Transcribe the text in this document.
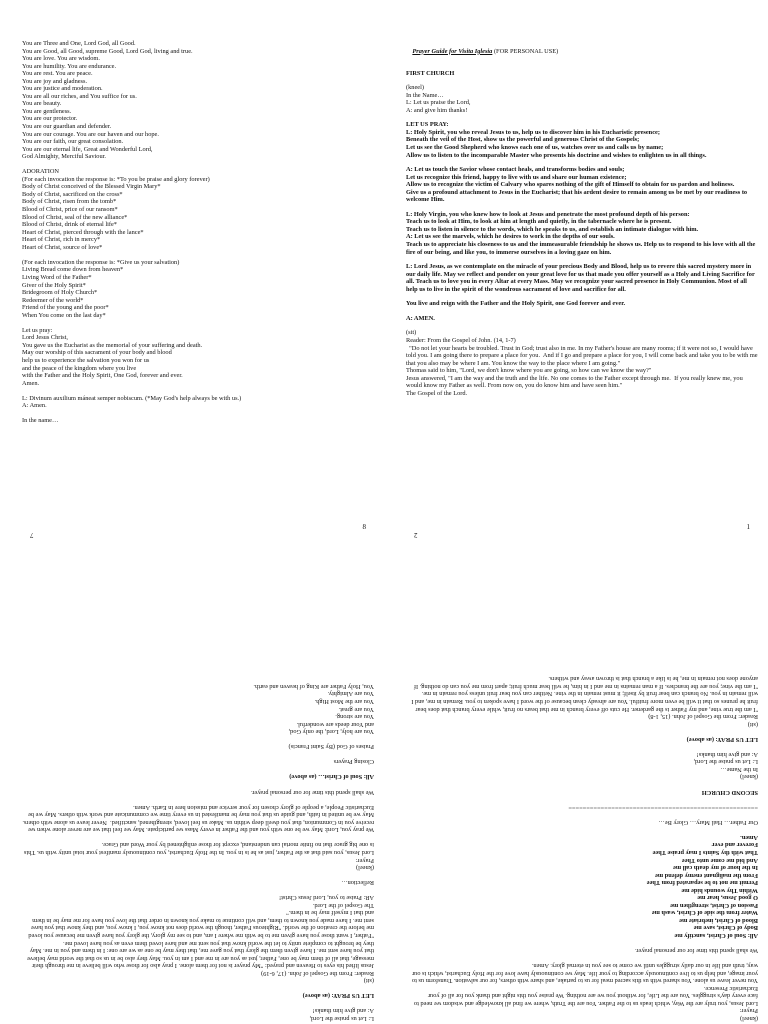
You are Three and One, Lord God, all Good.
You are Good, all Good, supreme Good, Lord God, living and true.
You are love. You are wisdom.
You are humility. You are endurance.
You are rest. You are peace.
You are joy and gladness.
You are justice and moderation.
You are all our riches, and You suffice for us.
You are beauty.
You are gentleness.
You are our protector.
You are our guardian and defender.
You are our courage. You are our haven and our hope.
You are our faith, our great consolation.
You are our eternal life, Great and Wonderful Lord,
God Almighty, Merciful Saviour.
ADORATION
(For each invocation the response is: *To you be praise and glory forever)
Body of Christ conceived of the Blessed Virgin Mary*
Body of Christ, sacrificed on the cross*
Body of Christ, risen from the tomb*
Blood of Christ, price of our ransom*
Blood of Christ, seal of the new alliance*
Blood of Christ, drink of eternal life*
Heart of Christ, pierced through with the lance*
Heart of Christ, rich in mercy*
Heart of Christ, source of love*
(For each invocation the response is: *Give us your salvation)
Living Bread come down from heaven*
Living Word of the Father*
Giver of the Holy Spirit*
Bridegroom of Holy Church*
Redeemer of the world*
Friend of the young and the poor*
When You come on the last day*
Let us pray:
Lord Jesus Christ,
You gave us the Eucharist as the memorial of your suffering and death.
May our worship of this sacrament of your body and blood
help us to experience the salvation you won for us
and the peace of the kingdom where you live
with the Father and the Holy Spirit, One God, forever and ever.
Amen.
L: Divinum auxilium máneat semper nobiscum. (*May God's help always be with us.)
A: Amen.
In the name…
8

Prayer Guide for Visita Iglesia (FOR PERSONAL USE)

FIRST CHURCH
(kneel)
In the Name…
L: Let us praise the Lord,
A: and give him thanks!
LET US PRAY:
L: Holy Spirit, you who reveal Jesus to us, help us to discover him in his Eucharistic presence;
Beneath the veil of the Host, show us the powerful and generous Christ of the Gospels;
Let us see the Good Shepherd who knows each one of us, watches over us and calls us by name;
Allow us to listen to the incomparable Master who presents his doctrine and wishes to enlighten us in all things.
A: Let us touch the Savior whose contact heals, and transforms bodies and souls;
Let us recognize this friend, happy to live with us and share our human existence;
Allow us to recognize the victim of Calvary who spares nothing of the gift of Himself to obtain for us pardon and holiness.
Give us a profound attachment to Jesus in the Eucharist; that his ardent desire to remain among us be met by our readiness to welcome Him.
L: Holy Virgin, you who knew how to look at Jesus and penetrate the most profound depth of his person:
Teach us to look at Him, to look at him at length and quietly, in the tabernacle where he is present.
Teach us to listen in silence to the words, which he speaks to us, and establish an intimate dialogue with him.
A: Let us see the marvels, which he desires to work in the depths of our souls.
Teach us to appreciate his closeness to us and the immeasurable friendship he shows us. Help us to respond to his love with all the fire of our being, and like you, to immerse ourselves in a loving gaze on him.
L: Lord Jesus, as we contemplate on the miracle of your precious Body and Blood, help us to revere this sacred mystery more in our daily life. May we reflect and ponder on your great love for us that made you offer yourself as a Holy and Living Sacrifice for all. Teach us to love you in every Altar at every Mass. May we recognize your sacred presence in Holy Communion. Most of all help us to live in the spirit of the wondrous sacrament of love and sacrifice for all.
You live and reign with the Father and the Holy Spirit, one God forever and ever.
A: AMEN.
(sit)
Reader: From the Gospel of John. (14, 1-7)
"Do not let your hearts be troubled. Trust in God; trust also in me. In my Father's house are many rooms; if it were not so, I would have told you. I am going there to prepare a place for you.  And if I go and prepare a place for you, I will come back and take you to be with me that you also may be where I am. You know the way to the place where I am going."
Thomas said to him, "Lord, we don't know where you are going, so how can we know the way?"
Jesus answered, "I am the way and the truth and the life. No one comes to the Father except through me.  If you really knew me, you would know my Father as well. From now on, you do know him and have seen him."
The Gospel of the Lord.
1
L: Let us praise the Lord,
A: and give him thanks!
LET US PRAY: (as above)
(sit)
Reader: From the Gospel of John. (17, 6-19)
Jesus lifted his eyes to Heaven and prayed: "My prayer is not for them alone. I pray also for those who will believe in me through their message, that all of them may be one, Father, just as you are in me and I am in you. May they also be in us so that the world may believe that you have sent me. I have given them the glory that you gave me, that they may be one as we are one: I in them and you in me. May they be brought to complete unity to let the world know that you sent me and have loved them even as you have loved me.
"Father, I want those you have given me to be with me where I am, and to see my glory, the glory you have given me because you loved me before the creation of the world. "Righteous Father, though the world does not know you, I know you, and they know that you have sent me. I have made you known to them, and will continue to make you known in order that the love you have for me may be in them and that I myself may be in them."
The Gospel of the Lord.
AR: Praise to you, Lord Jesus Christ!
Reflection…
(kneel)
Prayer:
Lord Jesus, you said that as the Father, just as he is in you. In the Holy Eucharist, you continuously manifest your total unity with us. This is one big grace that no finite mortal can understand, except for those enlightened by your Word and Grace.
We pray you, Lord: May we be one with you and the Father in every Mass we participate. May we feel that we are never alone when we receive you in Communion, that you dwell deep within us. Make us feel loved, strengthened, sanctified.  Never leave us alone with others. May we be united in faith, and guide us that you may be manifested in us every time we communicate and work with others. May we be Eucharistic People, a people of glory chosen for your service and mission here in Earth. Amen.
We shall spend this time for our personal prayer.
All: Soul of Christ… (as above)
Closing Prayers
Praises of God (By Saint Francis)
You are holy, Lord, the only God,
and Your deeds are wonderful.
You are strong.
You are great.
You are the Most High.
You are Almighty.
You, Holy Father are King of heaven and earth.
7
(kneel)
Prayer:
Lord Jesus, you truly are the Way, which leads us to the Father. You are the Truth, where we find all knowledge and wisdom we need to face every day's struggles. You are the Life, for without you we are nothing. We praise you this night and thank you for all of your Eucharistic Presence.
You never leave us alone. You shared with us this sacred meal for us to partake, and share with others, for our salvation. Transform us to your image, and help us to live continuously according to your life. May we continuously have love for the Holy Eucharist, which is our way, truth and life in our daily struggles until we come to see you in eternal glory. Amen.
We shall spend this time for our personal prayer.
All: Soul of Christ, sanctify me
Body of Christ, save me
Blood of Christ, inebriate me
Water from the side of Christ, wash me
Passion of Christ, strengthen me
O good Jesus, hear me
Within Thy wounds hide me
Permit me not to be separated from Thee
From the malignant enemy defend me
In the hour of my death call me
And bid me come unto Thee
That with thy Saints I may praise Thee
Forever and ever
Amen.
Our Father… Hail Mary… Glory Be…
=====================================================
SECOND CHURCH
(kneel)
In the Name…
L: Let us praise the Lord,
A: and give him thanks!
LET US PRAY: (as above)
(sit)
Reader: From the Gospel of John. (15, 1-8)
"I am the true vine, and my Father is the gardener. He cuts off every branch in me that bears no fruit, while every branch that does bear fruit he prunes so that it will be even more fruitful. You are already clean because of the word I have spoken to you. Remain in me, and I will remain in you. No branch can bear fruit by itself; it must remain in the vine. Neither can you bear fruit unless you remain in me.
"I am the vine; you are the branches. If a man remains in me and I in him, he will bear much fruit; apart from me you can do nothing. If anyone does not remain in me, he is like a branch that is thrown away and withers.
2
